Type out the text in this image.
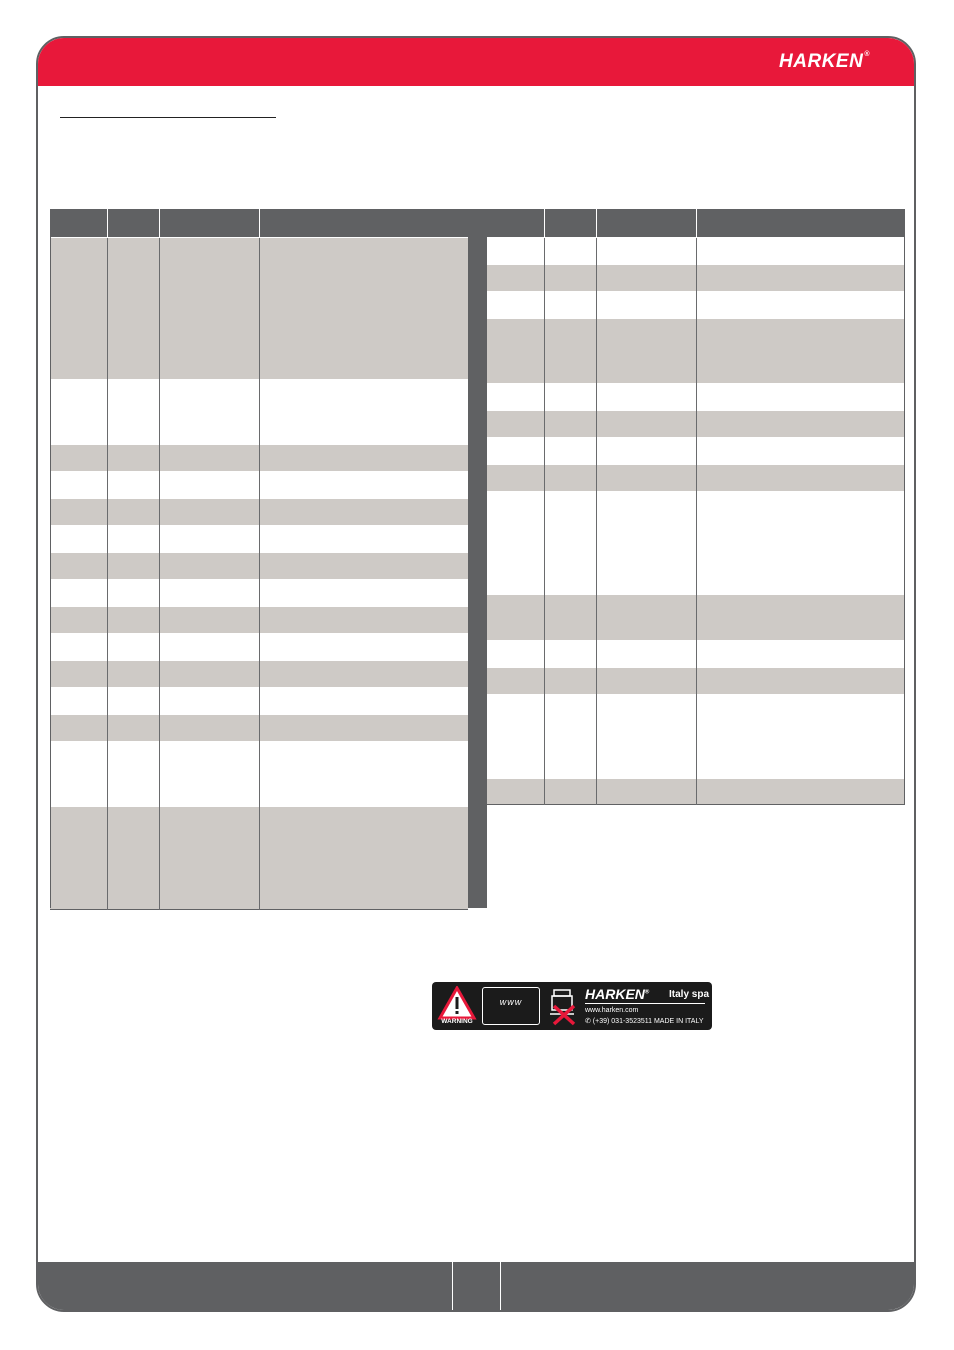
HARKEN®

WARNING
www	HARKEN® Italy spa
www.harken.com
✆ (+39) 031-3523511 MADE IN ITALY
